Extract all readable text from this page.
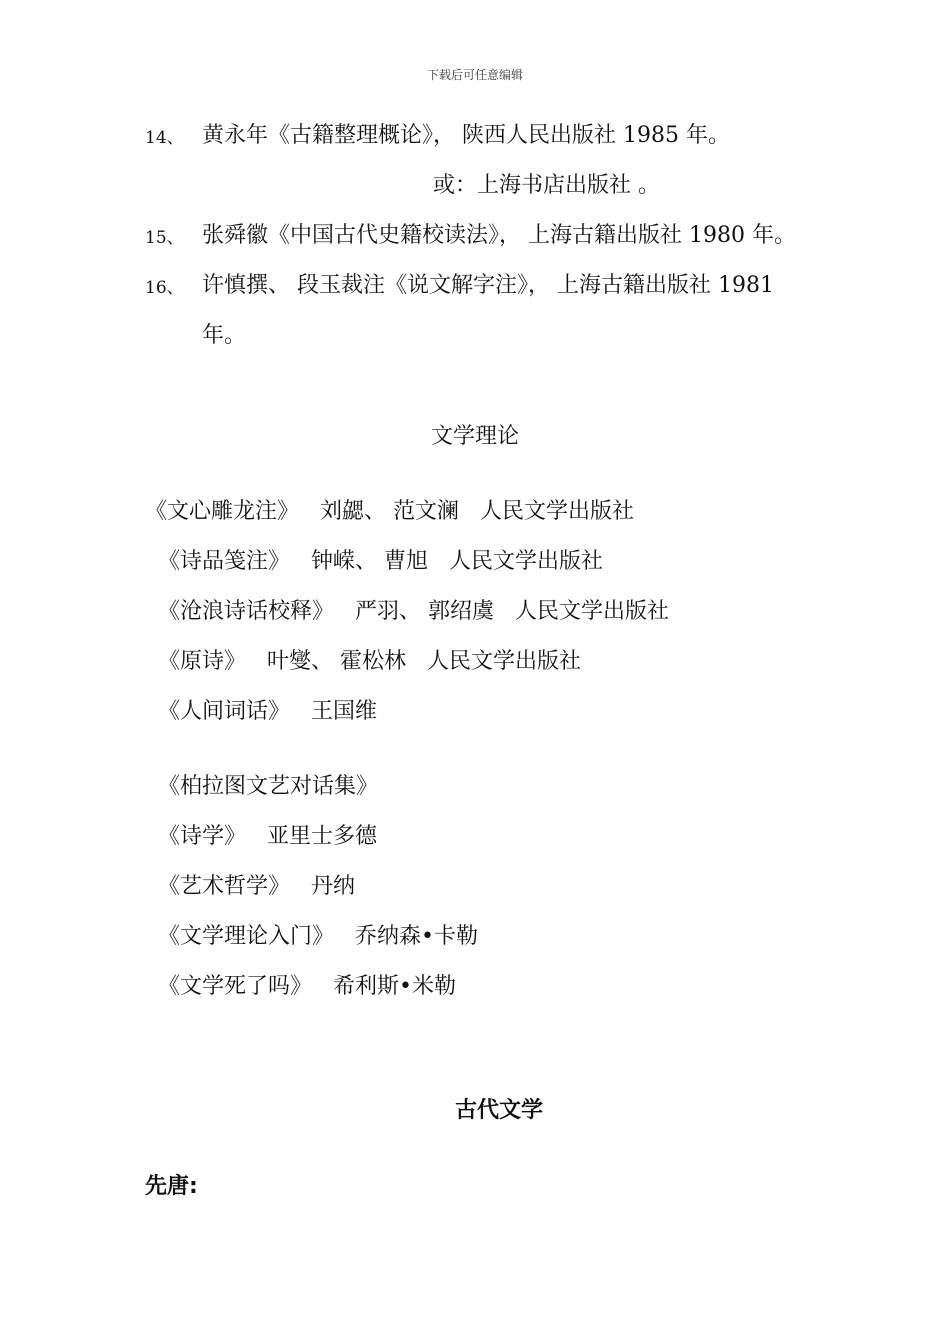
下载后可任意编辑
14、 黄永年《古籍整理概论》， 陕西人民出版社 1985 年。
或：上海书店出版社 。
15、 张舜徽《中国古代史籍校读法》， 上海古籍出版社 1980 年。
16、 许慎撰、 段玉裁注《说文解字注》， 上海古籍出版社 1981
年。
文学理论
《文心雕龙注》   刘勰、 范文澜   人民文学出版社
《诗品笺注》   钟嵘、 曹旭   人民文学出版社
《沧浪诗话校释》   严羽、 郭绍虞   人民文学出版社
《原诗》   叶燮、 霍松林   人民文学出版社
《人间词话》   王国维
《柏拉图文艺对话集》
《诗学》   亚里士多德
《艺术哲学》   丹纳
《文学理论入门》   乔纳森•卡勒
《文学死了吗》   希利斯•米勒
古代文学
先唐:
